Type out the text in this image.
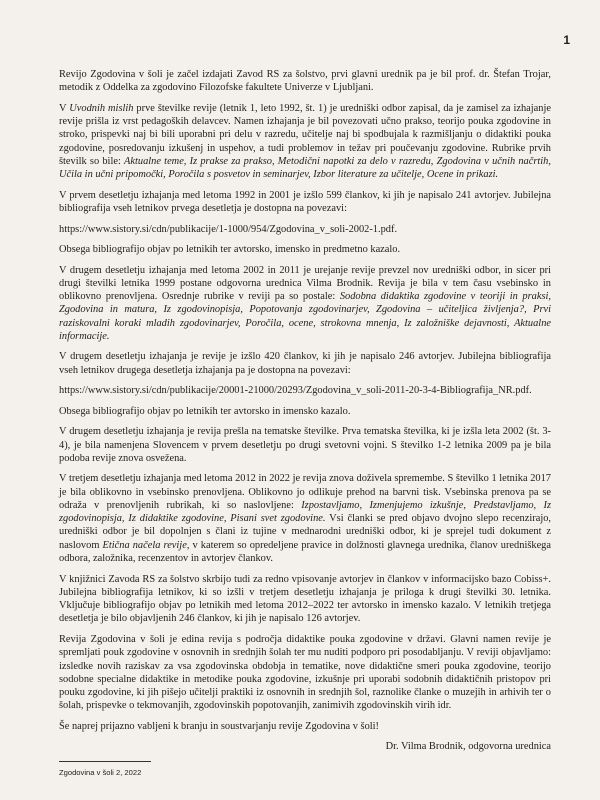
1

Revijo Zgodovina v šoli je začel izdajati Zavod RS za šolstvo, prvi glavni urednik pa je bil prof. dr. Štefan Trojar, metodik z Oddelka za zgodovino Filozofske fakultete Univerze v Ljubljani.

V Uvodnih mislih prve številke revije (letnik 1, leto 1992, št. 1) je uredniški odbor zapisal, da je zamisel za izhajanje revije prišla iz vrst pedagoških delavcev. Namen izhajanja je bil povezovati učno prakso, teorijo pouka zgodovine in stroko, prispevki naj bi bili uporabni pri delu v razredu, učitelje naj bi spodbujala k razmišljanju o didaktiki pouka zgodovine, posredovanju izkušenj in uspehov, a tudi problemov in težav pri poučevanju zgodovine. Rubrike prvih številk so bile: Aktualne teme, Iz prakse za prakso, Metodični napotki za delo v razredu, Zgodovina v učnih načrtih, Učila in učni pripomočki, Poročila s posvetov in seminarjev, Izbor literature za učitelje, Ocene in prikazi.

V prvem desetletju izhajanja med letoma 1992 in 2001 je izšlo 599 člankov, ki jih je napisalo 241 avtorjev. Jubilejna bibliografija vseh letnikov prvega desetletja je dostopna na povezavi:

https://www.sistory.si/cdn/publikacije/1-1000/954/Zgodovina_v_soli-2002-1.pdf.

Obsega bibliografijo objav po letnikih ter avtorsko, imensko in predmetno kazalo.

V drugem desetletju izhajanja med letoma 2002 in 2011 je urejanje revije prevzel nov uredniški odbor, in sicer pri drugi številki letnika 1999 postane odgovorna urednica Vilma Brodnik. Revija je bila v tem času vsebinsko in oblikovno prenovljena. Osrednje rubrike v reviji pa so postale: Sodobna didaktika zgodovine v teoriji in praksi, Zgodovina in matura, Iz zgodovinopisja, Popotovanja zgodovinarjev, Zgodovina – učiteljica življenja?, Prvi raziskovalni koraki mladih zgodovinarjev, Poročila, ocene, strokovna mnenja, Iz založniške dejavnosti, Aktualne informacije.

V drugem desetletju izhajanja je revije je izšlo 420 člankov, ki jih je napisalo 246 avtorjev. Jubilejna bibliografija vseh letnikov drugega desetletja izhajanja pa je dostopna na povezavi:

https://www.sistory.si/cdn/publikacije/20001-21000/20293/Zgodovina_v_soli-2011-20-3-4-Bibliografija_NR.pdf.

Obsega bibliografijo objav po letnikih ter avtorsko in imensko kazalo.

V drugem desetletju izhajanja je revija prešla na tematske številke. Prva tematska številka, ki je izšla leta 2002 (št. 3-4), je bila namenjena Slovencem v prvem desetletju po drugi svetovni vojni. S številko 1-2 letnika 2009 pa je bila podoba revije znova osvežena.

V tretjem desetletju izhajanja med letoma 2012 in 2022 je revija znova doživela spremembe. S številko 1 letnika 2017 je bila oblikovno in vsebinsko prenovljena. Oblikovno jo odlikuje prehod na barvni tisk. Vsebinska prenova pa se odraža v prenovljenih rubrikah, ki so naslovljene: Izpostavljamo, Izmenjujemo izkušnje, Predstavljamo, Iz zgodovinopisja, Iz didaktike zgodovine, Pisani svet zgodovine. Vsi članki se pred objavo dvojno slepo recenzirajo, uredniški odbor je bil dopolnjen s člani iz tujine v mednarodni uredniški odbor, ki je sprejel tudi dokument z naslovom Etična načela revije, v katerem so opredeljene pravice in dolžnosti glavnega urednika, članov uredniškega odbora, založnika, recenzentov in avtorjev člankov.

V knjižnici Zavoda RS za šolstvo skrbijo tudi za redno vpisovanje avtorjev in člankov v informacijsko bazo Cobiss+. Jubilejna bibliografija letnikov, ki so izšli v tretjem desetletju izhajanja je priloga k drugi številki 30. letnika. Vključuje bibliografijo objav po letnikih med letoma 2012–2022 ter avtorsko in imensko kazalo. V letnikih tretjega desetletja je bilo objavljenih 246 člankov, ki jih je napisalo 126 avtorjev.

Revija Zgodovina v šoli je edina revija s področja didaktike pouka zgodovine v državi. Glavni namen revije je spremljati pouk zgodovine v osnovnih in srednjih šolah ter mu nuditi podporo pri posodabljanju. V reviji objavljamo: izsledke novih raziskav za vsa zgodovinska obdobja in tematike, nove didaktične smeri pouka zgodovine, teorijo sodobne specialne didaktike in metodike pouka zgodovine, izkušnje pri uporabi sodobnih didaktičnih pristopov pri pouku zgodovine, ki jih pišejo učitelji praktiki iz osnovnih in srednjih šol, raznolike članke o muzejih in arhivih ter o šolah, prispevke o tekmovanjih, zgodovinskih popotovanjih, zanimivih zgodovinskih virih idr.

Še naprej prijazno vabljeni k branju in soustvarjanju revije Zgodovina v šoli!

Dr. Vilma Brodnik, odgovorna urednica

Zgodovina v šoli 2, 2022
